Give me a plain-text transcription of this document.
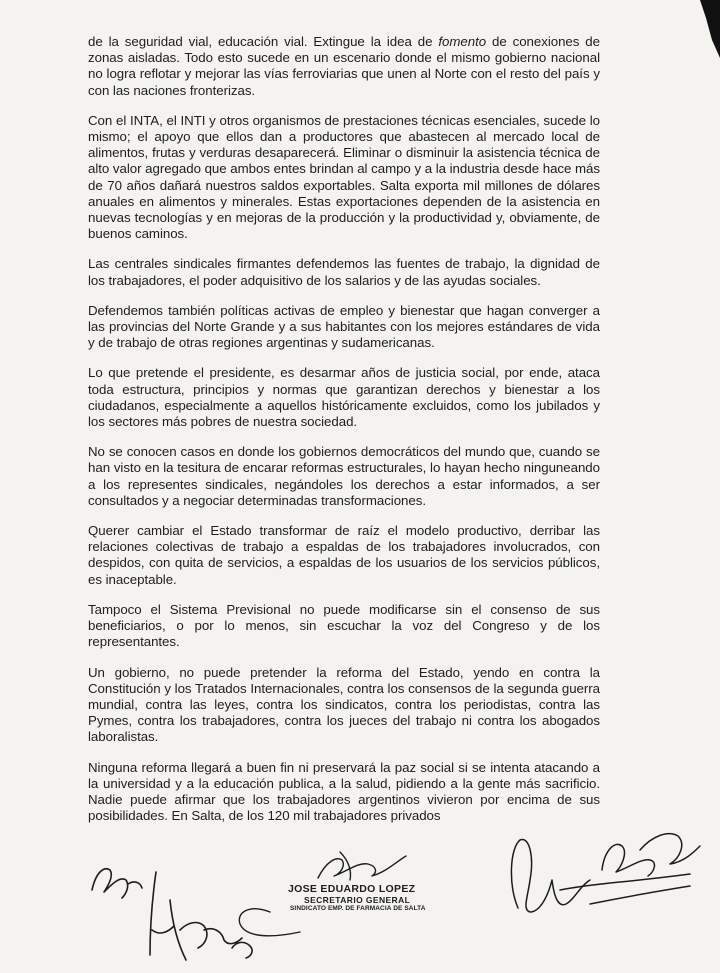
de la seguridad vial, educación vial. Extingue la idea de fomento de conexiones de zonas aisladas. Todo esto sucede en un escenario donde el mismo gobierno nacional no logra reflotar y mejorar las vías ferroviarias que unen al Norte con el resto del país y con las naciones fronterizas.

Con el INTA, el INTI y otros organismos de prestaciones técnicas esenciales, sucede lo mismo; el apoyo que ellos dan a productores que abastecen al mercado local de alimentos, frutas y verduras desaparecerá. Eliminar o disminuir la asistencia técnica de alto valor agregado que ambos entes brindan al campo y a la industria desde hace más de 70 años dañará nuestros saldos exportables. Salta exporta mil millones de dólares anuales en alimentos y minerales. Estas exportaciones dependen de la asistencia en nuevas tecnologías y en mejoras de la producción y la productividad y, obviamente, de buenos caminos.

Las centrales sindicales firmantes defendemos las fuentes de trabajo, la dignidad de los trabajadores, el poder adquisitivo de los salarios y de las ayudas sociales.

Defendemos también políticas activas de empleo y bienestar que hagan converger a las provincias del Norte Grande y a sus habitantes con los mejores estándares de vida y de trabajo de otras regiones argentinas y sudamericanas.

Lo que pretende el presidente, es desarmar años de justicia social, por ende, ataca toda estructura, principios y normas que garantizan derechos y bienestar a los ciudadanos, especialmente a aquellos históricamente excluidos, como los jubilados y los sectores más pobres de nuestra sociedad.

No se conocen casos en donde los gobiernos democráticos del mundo que, cuando se han visto en la tesitura de encarar reformas estructurales, lo hayan hecho ninguneando a los representes sindicales, negándoles los derechos a estar informados, a ser consultados y a negociar determinadas transformaciones.

Querer cambiar el Estado transformar de raíz el modelo productivo, derribar las relaciones colectivas de trabajo a espaldas de los trabajadores involucrados, con despidos, con quita de servicios, a espaldas de los usuarios de los servicios públicos, es inaceptable.

Tampoco el Sistema Previsional no puede modificarse sin el consenso de sus beneficiarios, o por lo menos, sin escuchar la voz del Congreso y de los representantes.

Un gobierno, no puede pretender la reforma del Estado, yendo en contra la Constitución y los Tratados Internacionales, contra los consensos de la segunda guerra mundial, contra las leyes, contra los sindicatos, contra los periodistas, contra las Pymes, contra los trabajadores, contra los jueces del trabajo ni contra los abogados laboralistas.

Ninguna reforma llegará a buen fin ni preservará la paz social si se intenta atacando a la universidad y a la educación publica, a la salud, pidiendo a la gente más sacrificio. Nadie puede afirmar que los trabajadores argentinos vivieron por encima de sus posibilidades. En Salta, de los 120 mil trabajadores privados

JOSE EDUARDO LOPEZ
SECRETARIO GENERAL
SINDICATO EMP. DE FARMACIA DE SALTA
